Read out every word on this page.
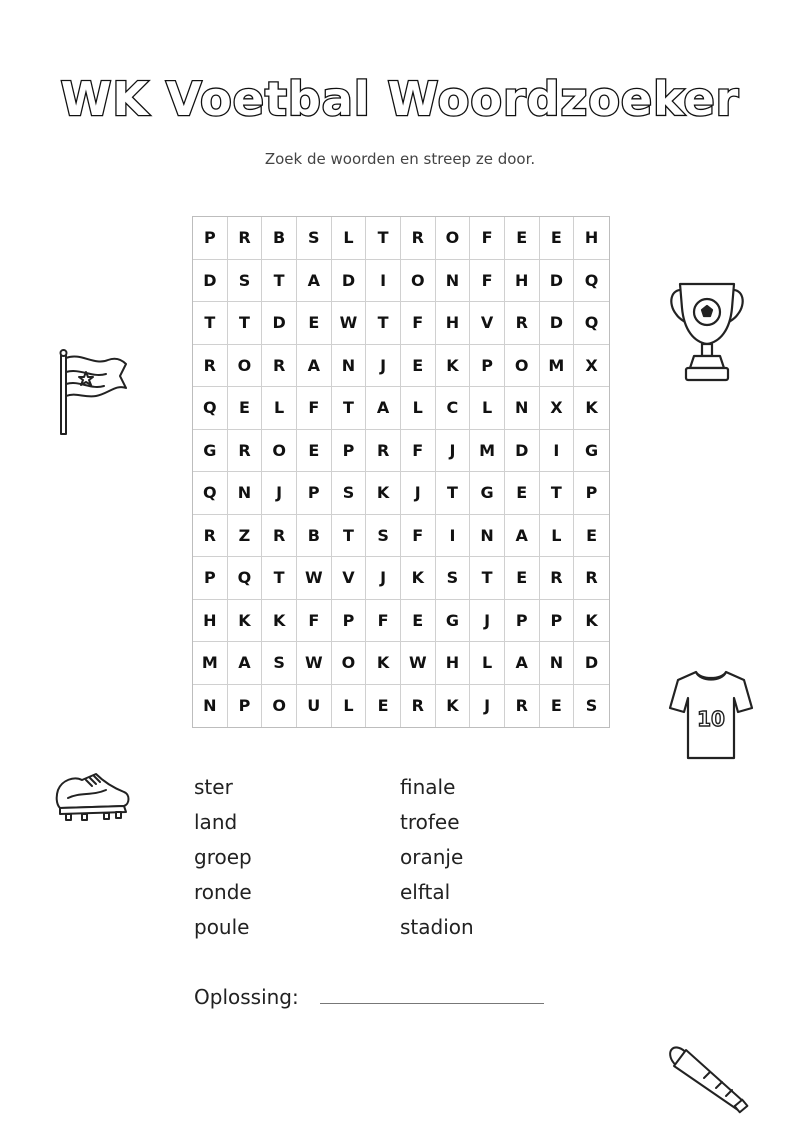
WK Voetbal Woordzoeker
Zoek de woorden en streep ze door.
P	R	B	S	L	T	R	O	F	E	E	H
D	S	T	A	D	I	O	N	F	H	D	Q
T	T	D	E	W	T	F	H	V	R	D	Q
R	O	R	A	N	J	E	K	P	O	M	X
Q	E	L	F	T	A	L	C	L	N	X	K
G	R	O	E	P	R	F	J	M	D	I	G
Q	N	J	P	S	K	J	T	G	E	T	P
R	Z	R	B	T	S	F	I	N	A	L	E
P	Q	T	W	V	J	K	S	T	E	R	R
H	K	K	F	P	F	E	G	J	P	P	K
M	A	S	W	O	K	W	H	L	A	N	D
N	P	O	U	L	E	R	K	J	R	E	S
ster
land
groep
ronde
poule
finale
trofee
oranje
elftal
stadion
Oplossing:
10
